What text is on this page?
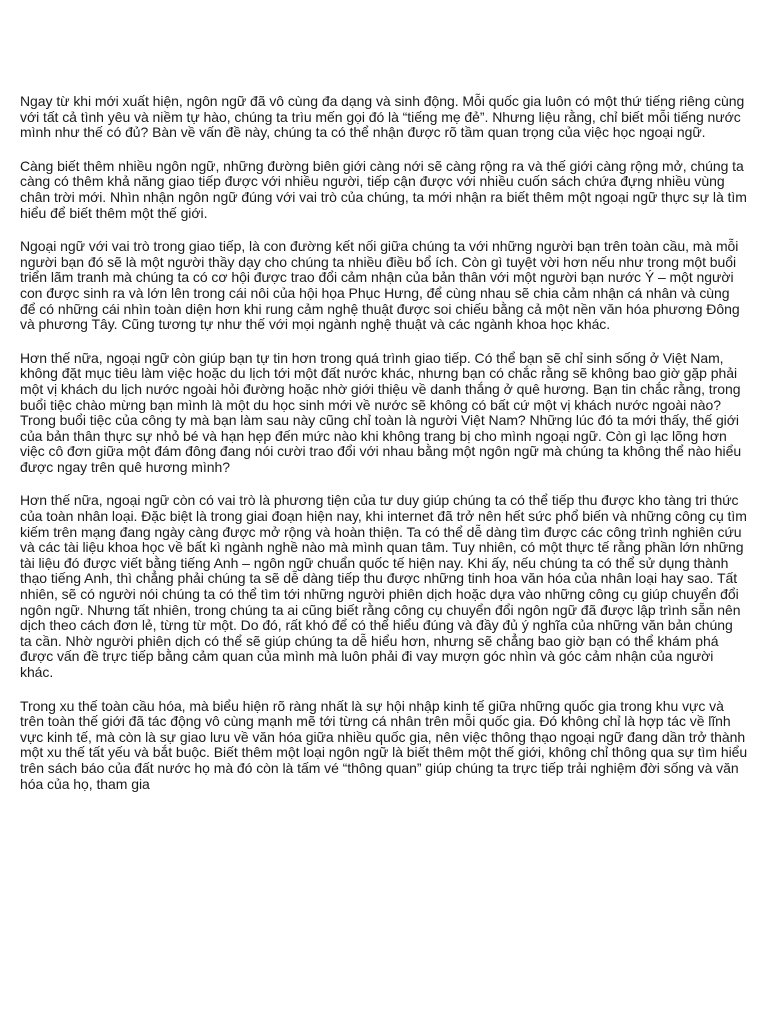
Ngay từ khi mới xuất hiện, ngôn ngữ đã vô cùng đa dạng và sinh động. Mỗi quốc gia luôn có một thứ tiếng riêng cùng với tất cả tình yêu và niềm tự hào, chúng ta trìu mến gọi đó là “tiếng mẹ đẻ”. Nhưng liệu rằng, chỉ biết mỗi tiếng nước mình như thế có đủ? Bàn về vấn đề này, chúng ta có thể nhận được rõ tầm quan trọng của việc học ngoại ngữ.

Càng biết thêm nhiều ngôn ngữ, những đường biên giới càng nới sẽ càng rộng ra và thế giới càng rộng mở, chúng ta càng có thêm khả năng giao tiếp được với nhiều người, tiếp cận được với nhiều cuốn sách chứa đựng nhiều vùng chân trời mới. Nhìn nhận ngôn ngữ đúng với vai trò của chúng, ta mới nhận ra biết thêm một ngoại ngữ thực sự là tìm hiểu để biết thêm một thế giới.

Ngoại ngữ với vai trò trong giao tiếp, là con đường kết nối giữa chúng ta với những người bạn trên toàn cầu, mà mỗi người bạn đó sẽ là một người thầy dạy cho chúng ta nhiều điều bổ ích. Còn gì tuyệt vời hơn nếu như trong một buổi triển lãm tranh mà chúng ta có cơ hội được trao đổi cảm nhận của bản thân với một người bạn nước Ý – một người con được sinh ra và lớn lên trong cái nôi của hội họa Phục Hưng, để cùng nhau sẽ chia cảm nhận cá nhân và cùng để có những cái nhìn toàn diện hơn khi rung cảm nghệ thuật được soi chiếu bằng cả một nền văn hóa phương Đông và phương Tây. Cũng tương tự như thế với mọi ngành nghệ thuật và các ngành khoa học khác.

Hơn thế nữa, ngoại ngữ còn giúp bạn tự tin hơn trong quá trình giao tiếp. Có thể bạn sẽ chỉ sinh sống ở Việt Nam, không đặt mục tiêu làm việc hoặc du lịch tới một đất nước khác, nhưng bạn có chắc rằng sẽ không bao giờ gặp phải một vị khách du lịch nước ngoài hỏi đường hoặc nhờ giới thiệu về danh thắng ở quê hương. Bạn tin chắc rằng, trong buổi tiệc chào mừng bạn mình là một du học sinh mới về nước sẽ không có bất cứ một vị khách nước ngoài nào? Trong buổi tiệc của công ty mà bạn làm sau này cũng chỉ toàn là người Việt Nam? Những lúc đó ta mới thấy, thế giới của bản thân thực sự nhỏ bé và hạn hẹp đến mức nào khi không trang bị cho mình ngoại ngữ. Còn gì lạc lõng hơn việc cô đơn giữa một đám đông đang nói cười trao đổi với nhau bằng một ngôn ngữ mà chúng ta không thể nào hiểu được ngay trên quê hương mình?

Hơn thế nữa, ngoại ngữ còn có vai trò là phương tiện của tư duy giúp chúng ta có thể tiếp thu được kho tàng tri thức của toàn nhân loại. Đặc biệt là trong giai đoạn hiện nay, khi internet đã trở nên hết sức phổ biến và những công cụ tìm kiếm trên mạng đang ngày càng được mở rộng và hoàn thiện. Ta có thể dễ dàng tìm được các công trình nghiên cứu và các tài liệu khoa học về bất kì ngành nghề nào mà mình quan tâm. Tuy nhiên, có một thực tế rằng phần lớn những tài liệu đó được viết bằng tiếng Anh – ngôn ngữ chuẩn quốc tế hiện nay. Khi ấy, nếu chúng ta có thể sử dụng thành thạo tiếng Anh, thì chẳng phải chúng ta sẽ dễ dàng tiếp thu được những tinh hoa văn hóa của nhân loại hay sao. Tất nhiên, sẽ có người nói chúng ta có thể tìm tới những người phiên dịch hoặc dựa vào những công cụ giúp chuyển đổi ngôn ngữ. Nhưng tất nhiên, trong chúng ta ai cũng biết rằng công cụ chuyển đổi ngôn ngữ đã được lập trình sẵn nên dịch theo cách đơn lẻ, từng từ một. Do đó, rất khó để có thể hiểu đúng và đầy đủ ý nghĩa của những văn bản chúng ta cần. Nhờ người phiên dịch có thể sẽ giúp chúng ta dễ hiểu hơn, nhưng sẽ chẳng bao giờ bạn có thể khám phá được vấn đề trực tiếp bằng cảm quan của mình mà luôn phải đi vay mượn góc nhìn và góc cảm nhận của người khác.

Trong xu thế toàn cầu hóa, mà biểu hiện rõ ràng nhất là sự hội nhập kinh tế giữa những quốc gia trong khu vực và trên toàn thế giới đã tác động vô cùng mạnh mẽ tới từng cá nhân trên mỗi quốc gia. Đó không chỉ là hợp tác về lĩnh vực kinh tế, mà còn là sự giao lưu về văn hóa giữa nhiều quốc gia, nên việc thông thạo ngoại ngữ đang dần trở thành một xu thế tất yếu và bắt buộc. Biết thêm một loại ngôn ngữ là biết thêm một thế giới, không chỉ thông qua sự tìm hiểu trên sách báo của đất nước họ mà đó còn là tấm vé “thông quan” giúp chúng ta trực tiếp trải nghiệm đời sống và văn hóa của họ, tham gia
